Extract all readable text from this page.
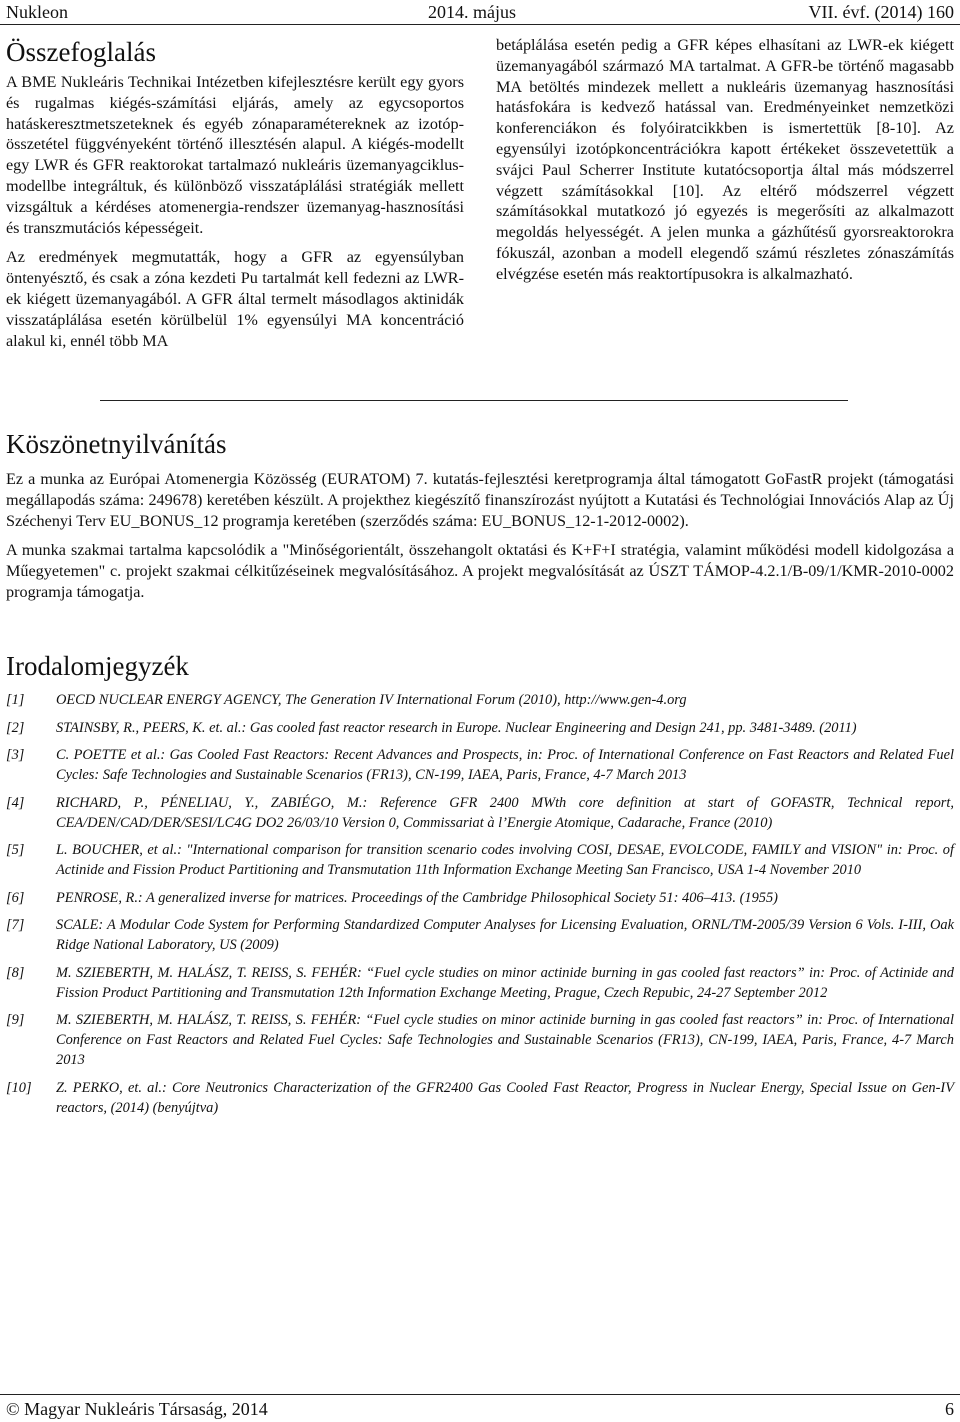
Nukleon	2014. május	VII. évf. (2014) 160
Összefoglalás

A BME Nukleáris Technikai Intézetben kifejlesztésre került egy gyors és rugalmas kiégés-számítási eljárás, amely az egycsoportos hatáskeresztmetszeteknek és egyéb zónaparamétereknek az izotóp-összetétel függvényeként történő illesztésén alapul. A kiégés-modellt egy LWR és GFR reaktorokat tartalmazó nukleáris üzemanyagciklus-modellbe integráltuk, és különböző visszatáplálási stratégiák mellett vizsgáltuk a kérdéses atomenergia-rendszer üzemanyag-hasznosítási és transzmutációs képességeit.

Az eredmények megmutatták, hogy a GFR az egyensúlyban öntenyésztő, és csak a zóna kezdeti Pu tartalmát kell fedezni az LWR-ek kiégett üzemanyagából. A GFR által termelt másodlagos aktinidák visszatáplálása esetén körülbelül 1% egyensúlyi MA koncentráció alakul ki, ennél több MA

betáplálása esetén pedig a GFR képes elhasítani az LWR-ek kiégett üzemanyagából származó MA tartalmat. A GFR-be történő magasabb MA betöltés mindezek mellett a nukleáris üzemanyag hasznosítási hatásfokára is kedvező hatással van. Eredményeinket nemzetközi konferenciákon és folyóiratcikkben is ismertettük [8-10]. Az egyensúlyi izotópkoncentrációkra kapott értékeket összevetettük a svájci Paul Scherrer Institute kutatócsoportja által más módszerrel végzett számításokkal [10]. Az eltérő módszerrel végzett számításokkal mutatkozó jó egyezés is megerősíti az alkalmazott megoldás helyességét. A jelen munka a gázhűtésű gyorsreaktorokra fókuszál, azonban a modell elegendő számú részletes zónaszámítás elvégzése esetén más reaktortípusokra is alkalmazható.

Köszönetnyilvánítás

Ez a munka az Európai Atomenergia Közösség (EURATOM) 7. kutatás-fejlesztési keretprogramja által támogatott GoFastR projekt (támogatási megállapodás száma: 249678) keretében készült. A projekthez kiegészítő finanszírozást nyújtott a Kutatási és Technológiai Innovációs Alap az Új Széchenyi Terv EU_BONUS_12 programja keretében (szerződés száma: EU_BONUS_12-1-2012-0002).

A munka szakmai tartalma kapcsolódik a "Minőségorientált, összehangolt oktatási és K+F+I stratégia, valamint működési modell kidolgozása a Műegyetemen" c. projekt szakmai célkitűzéseinek megvalósításához. A projekt megvalósítását az ÚSZT TÁMOP-4.2.1/B-09/1/KMR-2010-0002 programja támogatja.

Irodalomjegyzék
[1] OECD NUCLEAR ENERGY AGENCY, The Generation IV International Forum (2010), http://www.gen-4.org
[2] STAINSBY, R., PEERS, K. et. al.: Gas cooled fast reactor research in Europe. Nuclear Engineering and Design 241, pp. 3481-3489. (2011)
[3] C. POETTE et al.: Gas Cooled Fast Reactors: Recent Advances and Prospects, in: Proc. of International Conference on Fast Reactors and Related Fuel Cycles: Safe Technologies and Sustainable Scenarios (FR13), CN-199, IAEA, Paris, France, 4-7 March 2013
[4] RICHARD, P., PÉNELIAU, Y., ZABIÉGO, M.: Reference GFR 2400 MWth core definition at start of GOFASTR, Technical report, CEA/DEN/CAD/DER/SESI/LC4G DO2 26/03/10 Version 0, Commissariat à l’Energie Atomique, Cadarache, France (2010)
[5] L. BOUCHER, et al.: "International comparison for transition scenario codes involving COSI, DESAE, EVOLCODE, FAMILY and VISION" in: Proc. of Actinide and Fission Product Partitioning and Transmutation 11th Information Exchange Meeting San Francisco, USA 1-4 November 2010
[6] PENROSE, R.: A generalized inverse for matrices. Proceedings of the Cambridge Philosophical Society 51: 406–413. (1955)
[7] SCALE: A Modular Code System for Performing Standardized Computer Analyses for Licensing Evaluation, ORNL/TM-2005/39 Version 6 Vols. I-III, Oak Ridge National Laboratory, US (2009)
[8] M. SZIEBERTH, M. HALÁSZ, T. REISS, S. FEHÉR: “Fuel cycle studies on minor actinide burning in gas cooled fast reactors” in: Proc. of Actinide and Fission Product Partitioning and Transmutation 12th Information Exchange Meeting, Prague, Czech Repubic, 24-27 September 2012
[9] M. SZIEBERTH, M. HALÁSZ, T. REISS, S. FEHÉR: “Fuel cycle studies on minor actinide burning in gas cooled fast reactors” in: Proc. of International Conference on Fast Reactors and Related Fuel Cycles: Safe Technologies and Sustainable Scenarios (FR13), CN-199, IAEA, Paris, France, 4-7 March 2013
[10] Z. PERKO, et. al.: Core Neutronics Characterization of the GFR2400 Gas Cooled Fast Reactor, Progress in Nuclear Energy, Special Issue on Gen-IV reactors, (2014) (benyújtva)
© Magyar Nukleáris Társaság, 2014	6
